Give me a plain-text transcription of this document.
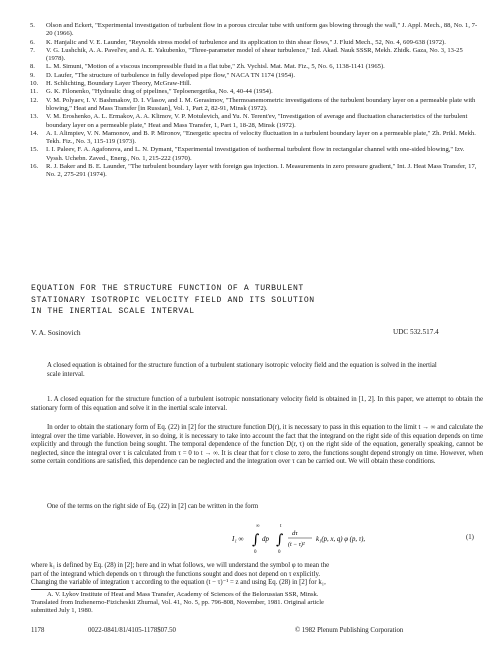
5.	Olson and Eckert, "Experimental investigation of turbulent flow in a porous circular tube with uniform gas blowing through the wall," J. Appl. Mech., 88, No. 1, 7-20 (1966).
6.	K. Hanjalic and V. E. Launder, "Reynolds stress model of turbulence and its application to thin shear flows," J. Fluid Mech., 52, No. 4, 609-638 (1972).
7.	V. G. Lushchik, A. A. Pavel'ev, and A. E. Yakubenko, "Three-parameter model of shear turbulence," Izd. Akad. Nauk SSSR, Mekh. Zhidk. Gaza, No. 3, 13-25 (1978).
8.	L. M. Simuni, "Motion of a viscous incompressible fluid in a flat tube," Zh. Vychisl. Mat. Mat. Fiz., 5, No. 6, 1138-1141 (1965).
9.	D. Laufer, "The structure of turbulence in fully developed pipe flow," NACA TN 1174 (1954).
10.	H. Schlichting, Boundary Layer Theory, McGraw-Hill.
11.	G. K. Filonenko, "Hydraulic drag of pipelines," Teploenergetika, No. 4, 40-44 (1954).
12.	V. M. Polyaev, I. V. Bashmakov, D. I. Vlasov, and I. M. Gerasimov, "Thermoanemometric investigations of the turbulent boundary layer on a permeable plate with blowing," Heat and Mass Transfer [in Russian], Vol. 1, Part 2, 82-91, Minsk (1972).
13.	V. M. Eroshenko, A. L. Ermakov, A. A. Klimov, V. P. Motulevich, and Yu. N. Terent'ev, "Investigation of average and fluctuation characteristics of the turbulent boundary layer on a permeable plate," Heat and Mass Transfer, 1, Part 1, 18-28, Minsk (1972).
14.	A. I. Alimpiev, V. N. Mamonov, and B. P. Mironov, "Energetic spectra of velocity fluctuation in a turbulent boundary layer on a permeable plate," Zh. Prikl. Mekh. Tekh. Fiz., No. 3, 115-119 (1973).
15.	I. I. Paleev, F. A. Agafonova, and L. N. Dymant, "Experimental investigation of isothermal turbulent flow in rectangular channel with one-sided blowing," Izv. Vyssh. Uchebn. Zaved., Energ., No. 1, 215-222 (1970).
16.	R. J. Baker and B. E. Launder, "The turbulent boundary layer with foreign gas injection. I. Measurements in zero pressure gradient," Int. J. Heat Mass Transfer, 17, No. 2, 275-291 (1974).
EQUATION FOR THE STRUCTURE FUNCTION OF A TURBULENT
STATIONARY ISOTROPIC VELOCITY FIELD AND ITS SOLUTION
IN THE INERTIAL SCALE INTERVAL
V. A. Sosinovich	UDC 532.517.4
A closed equation is obtained for the structure function of a turbulent stationary isotropic velocity field and the equation is solved in the inertial scale interval.
1. A closed equation for the structure function of a turbulent isotropic nonstationary velocity field is obtained in [1, 2]. In this paper, we attempt to obtain the stationary form of this equation and solve it in the inertial scale interval.
In order to obtain the stationary form of Eq. (22) in [2] for the structure function D(r), it is necessary to pass in this equation to the limit t → ∞ and calculate the integral over the time variable. However, in so doing, it is necessary to take into account the fact that the integrand on the right side of this equation depends on time explicitly and through the function being sought. The temporal dependence of the function D(r, τ) on the right side of the equation, generally speaking, cannot be neglected, since the integral over τ is calculated from τ = 0 to t → ∞. It is clear that for τ close to zero, the functions sought depend strongly on time. However, when some certain conditions are satisfied, this dependence can be neglected and the integration over τ can be carried out. We will obtain these conditions.
One of the terms on the right side of Eq. (22) in [2] can be written in the form
I₁ ∞ ∫
∞
0
dp ∫
t
0
dτ
(t − τ)²
k₁(p, x, q) φ (p, τ),	(1)
where k₁ is defined by Eq. (28) in [2]; here and in what follows, we will understand the symbol φ to mean the
part of the integrand which depends on τ through the functions sought and does not depend on τ explicitly.
Changing the variable of integration τ according to the equation (t − τ)⁻¹ = z and using Eq. (28) in [2] for k₁,
A. V. Lykov Institute of Heat and Mass Transfer, Academy of Sciences of the Belorussian SSR, Minsk.
Translated from Inzhenerno-Fizicheskii Zhurnal, Vol. 41, No. 5, pp. 796-808, November, 1981. Original article
submitted July 1, 1980.
1178	0022-0841/81/4105-1178$07.50	© 1982 Plenum Publishing Corporation
